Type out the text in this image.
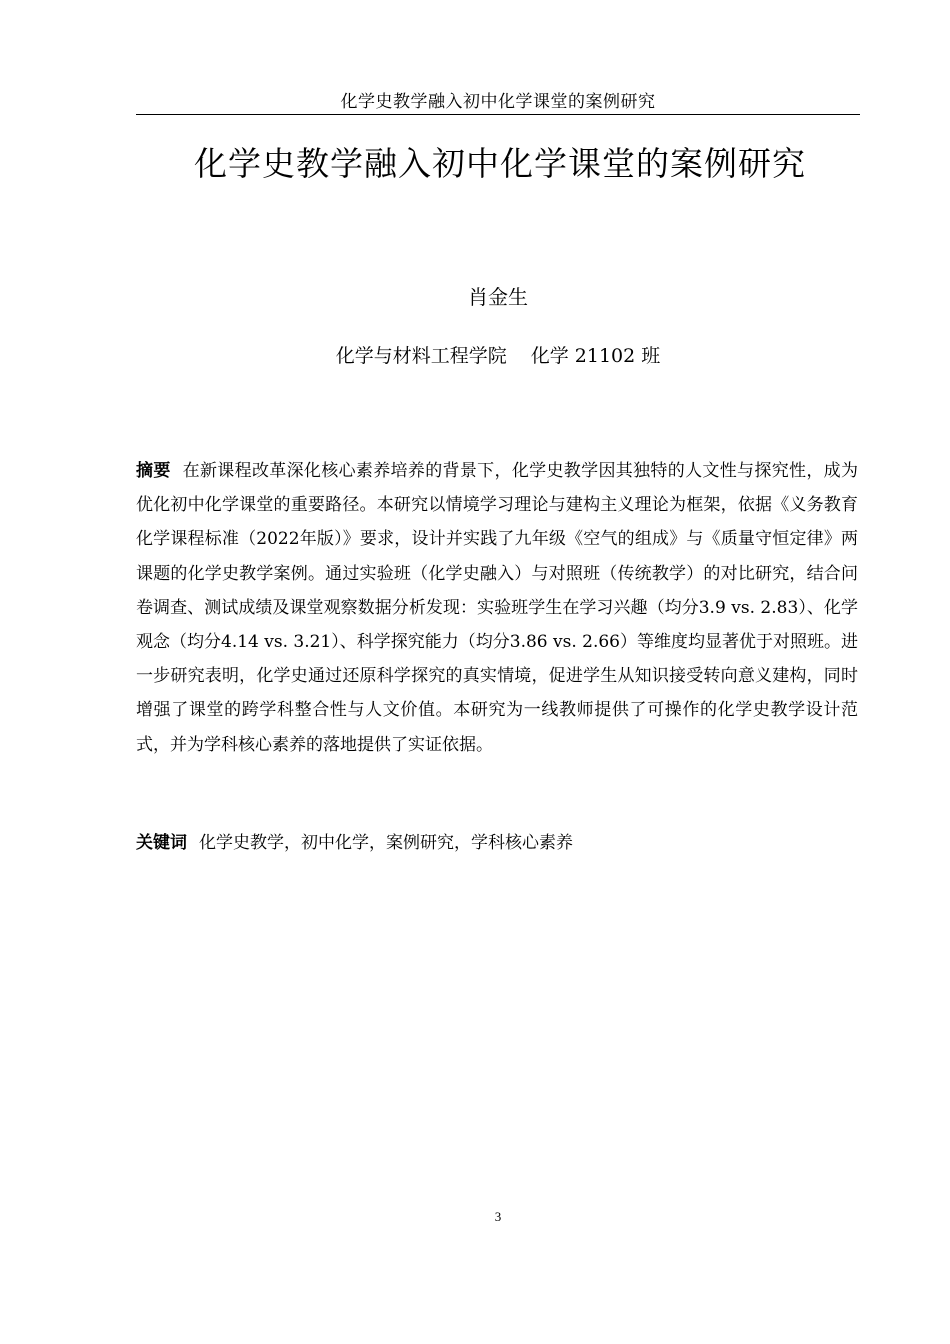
化学史教学融入初中化学课堂的案例研究
化学史教学融入初中化学课堂的案例研究
肖金生
化学与材料工程学院 化学 21102 班

摘要 在新课程改革深化核心素养培养的背景下，化学史教学因其独特的人文性与探究性，成为优化初中化学课堂的重要路径。本研究以情境学习理论与建构主义理论为框架，依据《义务教育化学课程标准（2022年版）》要求，设计并实践了九年级《空气的组成》与《质量守恒定律》两课题的化学史教学案例。通过实验班（化学史融入）与对照班（传统教学）的对比研究，结合问卷调查、测试成绩及课堂观察数据分析发现：实验班学生在学习兴趣（均分3.9 vs. 2.83）、化学观念（均分4.14 vs. 3.21）、科学探究能力（均分3.86 vs. 2.66）等维度均显著优于对照班。进一步研究表明，化学史通过还原科学探究的真实情境，促进学生从知识接受转向意义建构，同时增强了课堂的跨学科整合性与人文价值。本研究为一线教师提供了可操作的化学史教学设计范式，并为学科核心素养的落地提供了实证依据。

关键词 化学史教学，初中化学，案例研究，学科核心素养

3
